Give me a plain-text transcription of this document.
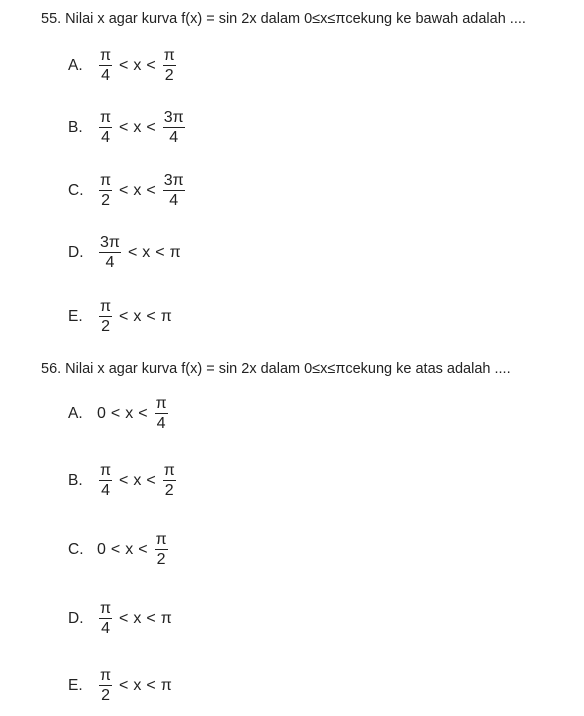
55. Nilai x agar kurva f(x) = sin 2x dalam 0≤x≤πcekung ke bawah adalah ....
A.	$\frac{\pi}{4} < x < \frac{\pi}{2}$
B.	$\frac{\pi}{4} < x < \frac{3\pi}{4}$
C. $\frac{\pi}{2} < x < \frac{3\pi}{4}$
D. $\frac{3\pi}{4} < x < \pi$
E.	$\frac{\pi}{2} < x < \pi$
56. Nilai x agar kurva f(x) = sin 2x dalam 0≤x≤πcekung ke atas adalah ....
A. $0 < x < \frac{\pi}{4}$
B.	$\frac{\pi}{4} < x < \frac{\pi}{2}$
C. $0 < x < \frac{\pi}{2}$
D. $\frac{\pi}{4} < x < \pi$
E.	$\frac{\pi}{2} < x < \pi$
